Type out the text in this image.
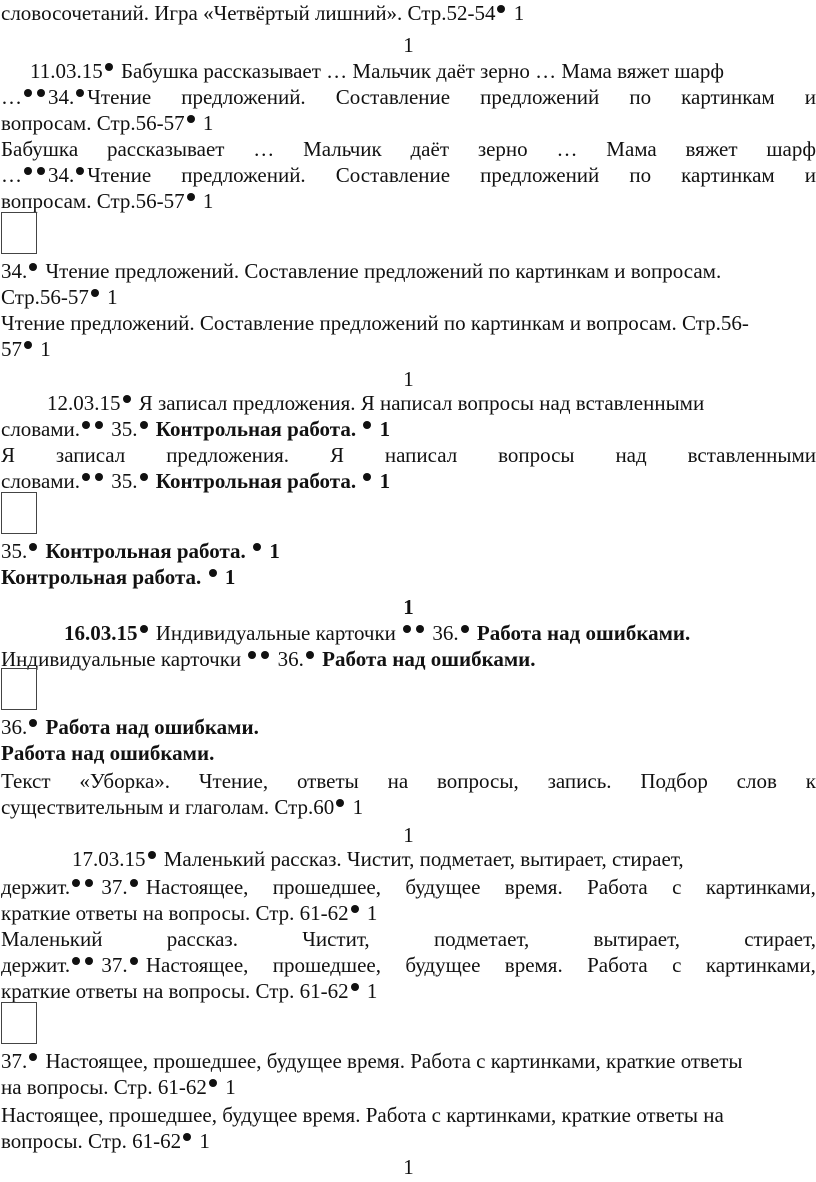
словосочетаний. Игра «Четвёртый лишний». Стр.52-54 1
1
11.03.15 Бабушка рассказывает … Мальчик даёт зерно … Мама вяжет шарф
… 34. Чтение предложений. Составление предложений по картинкам и
вопросам. Стр.56-57 1
Бабушка рассказывает … Мальчик даёт зерно … Мама вяжет шарф
… 34. Чтение предложений. Составление предложений по картинкам и
вопросам. Стр.56-57 1
34. Чтение предложений. Составление предложений по картинкам и вопросам.
Стр.56-57 1
Чтение предложений. Составление предложений по картинкам и вопросам. Стр.56-
57 1
1
12.03.15 Я записал предложения. Я написал вопросы над вставленными
словами. 35. Контрольная работа. 1
Я записал предложения. Я написал вопросы над вставленными
словами. 35. Контрольная работа. 1
35. Контрольная работа. 1
Контрольная работа. 1
1
16.03.15 Индивидуальные карточки 36. Работа над ошибками.
Индивидуальные карточки 36. Работа над ошибками.
36. Работа над ошибками.
Работа над ошибками.
Текст «Уборка». Чтение, ответы на вопросы, запись. Подбор слов к
существительным и глаголам. Стр.60 1
1
17.03.15 Маленький рассказ. Чистит, подметает, вытирает, стирает,
держит. 37. Настоящее, прошедшее, будущее время. Работа с картинками,
краткие ответы на вопросы. Стр. 61-62 1
Маленький	рассказ.	Чистит,	подметает,	вытирает,	стирает,
держит. 37. Настоящее, прошедшее, будущее время. Работа с картинками,
краткие ответы на вопросы. Стр. 61-62 1
37. Настоящее, прошедшее, будущее время. Работа с картинками, краткие ответы
на вопросы. Стр. 61-62 1
Настоящее, прошедшее, будущее время. Работа с картинками, краткие ответы на
вопросы. Стр. 61-62 1
1
